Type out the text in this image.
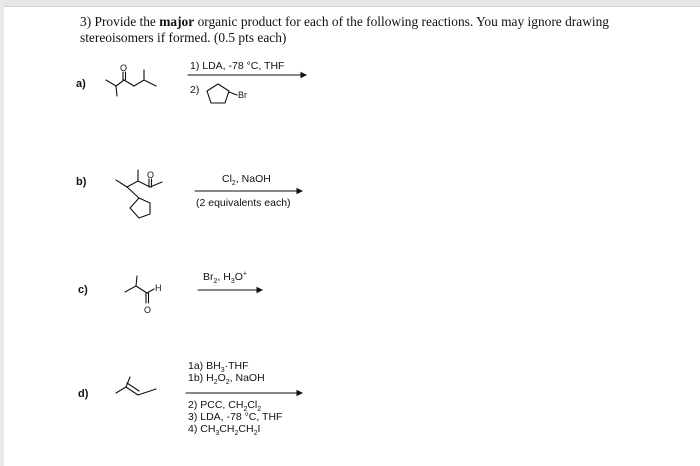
3) Provide the major organic product for each of the following reactions. You may ignore drawing
stereoisomers if formed. (0.5 pts each)
a)
b)
c)
d)
1) LDA, -78 °C, THF
2)
$Cl_2$, NaOH
(2 equivalents each)
$Br_2$, $H_3O^+$
1a) $BH_3\cdot THF$
1b) $H_2O_2$, NaOH
2) PCC, $CH_2Cl_2$
3) LDA, -78 °C, THF
4) $CH_3CH_2CH_2I$
O
Br
O
H
O
